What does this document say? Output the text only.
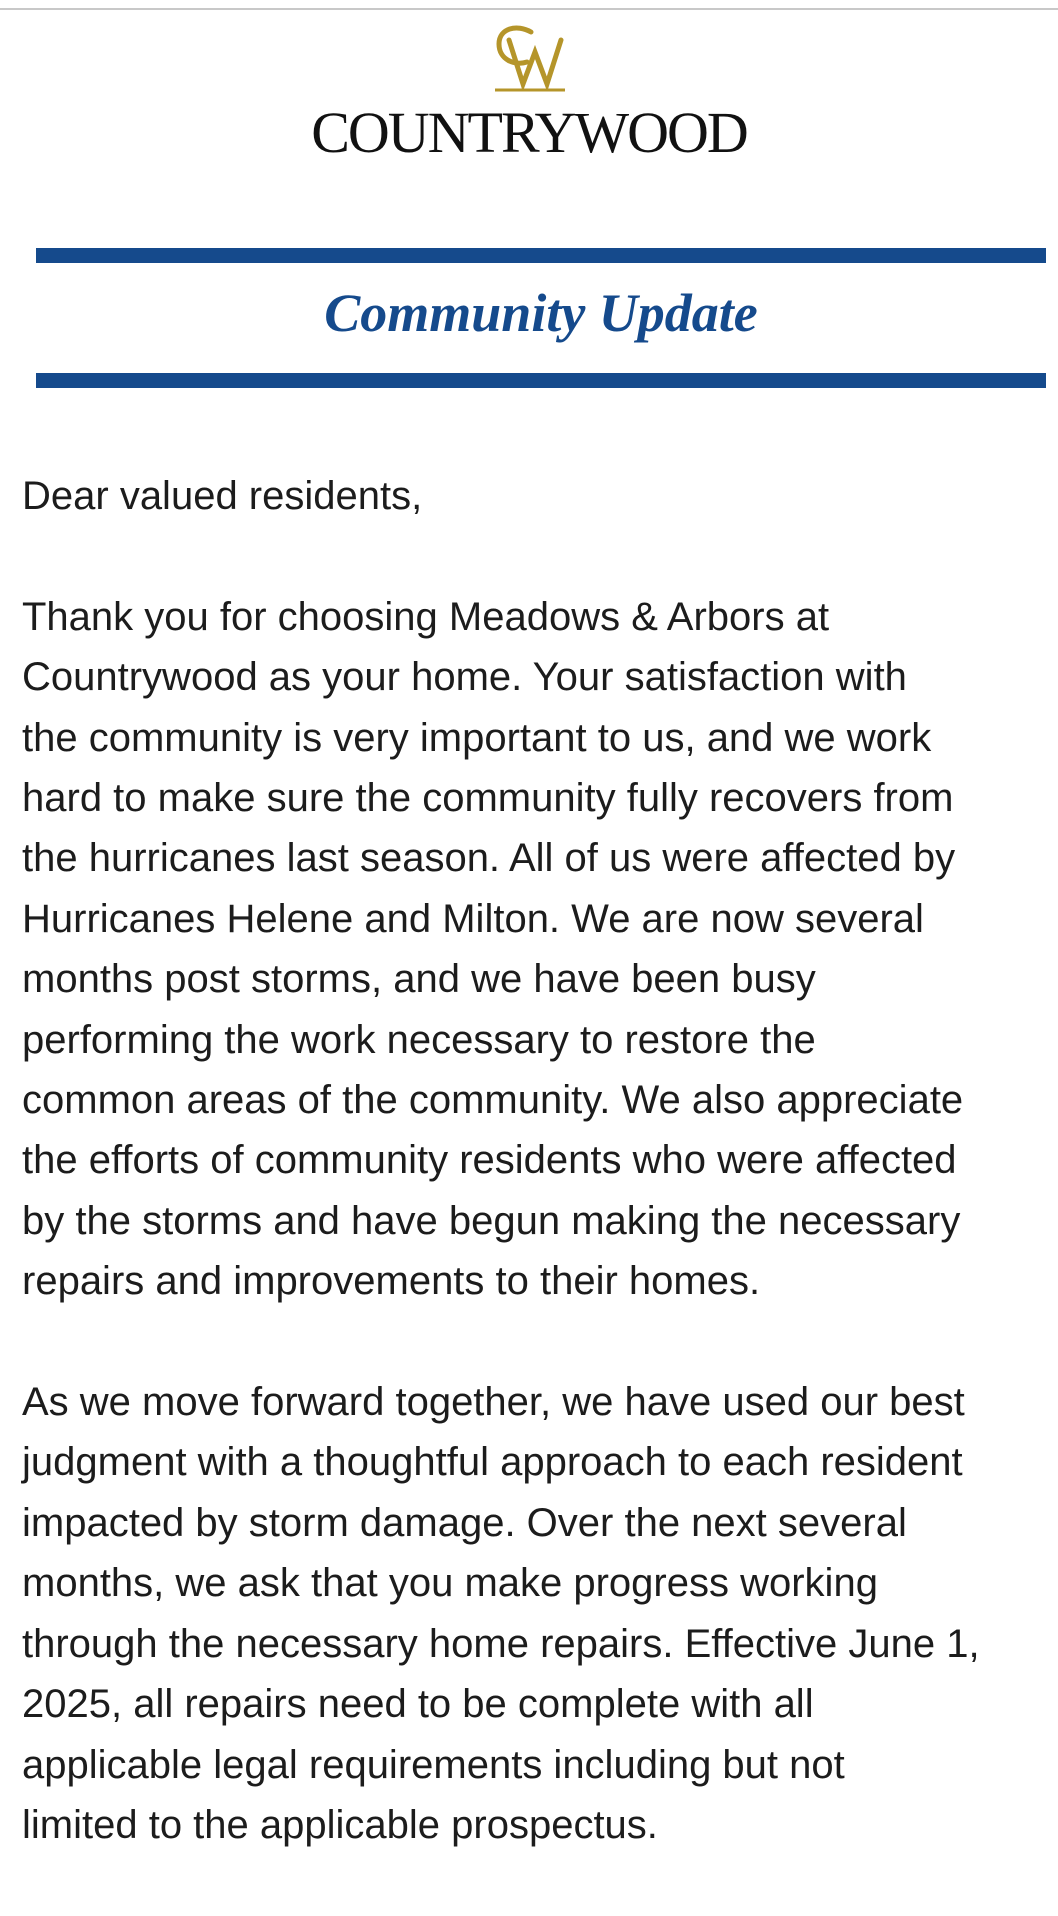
COUNTRYWOOD
Community Update

Dear valued residents,

Thank you for choosing Meadows & Arbors at
Countrywood as your home. Your satisfaction with
the community is very important to us, and we work
hard to make sure the community fully recovers from
the hurricanes last season. All of us were affected by
Hurricanes Helene and Milton. We are now several
months post storms, and we have been busy
performing the work necessary to restore the
common areas of the community. We also appreciate
the efforts of community residents who were affected
by the storms and have begun making the necessary
repairs and improvements to their homes.

As we move forward together, we have used our best
judgment with a thoughtful approach to each resident
impacted by storm damage. Over the next several
months, we ask that you make progress working
through the necessary home repairs. Effective June 1,
2025, all repairs need to be complete with all
applicable legal requirements including but not
limited to the applicable prospectus.
